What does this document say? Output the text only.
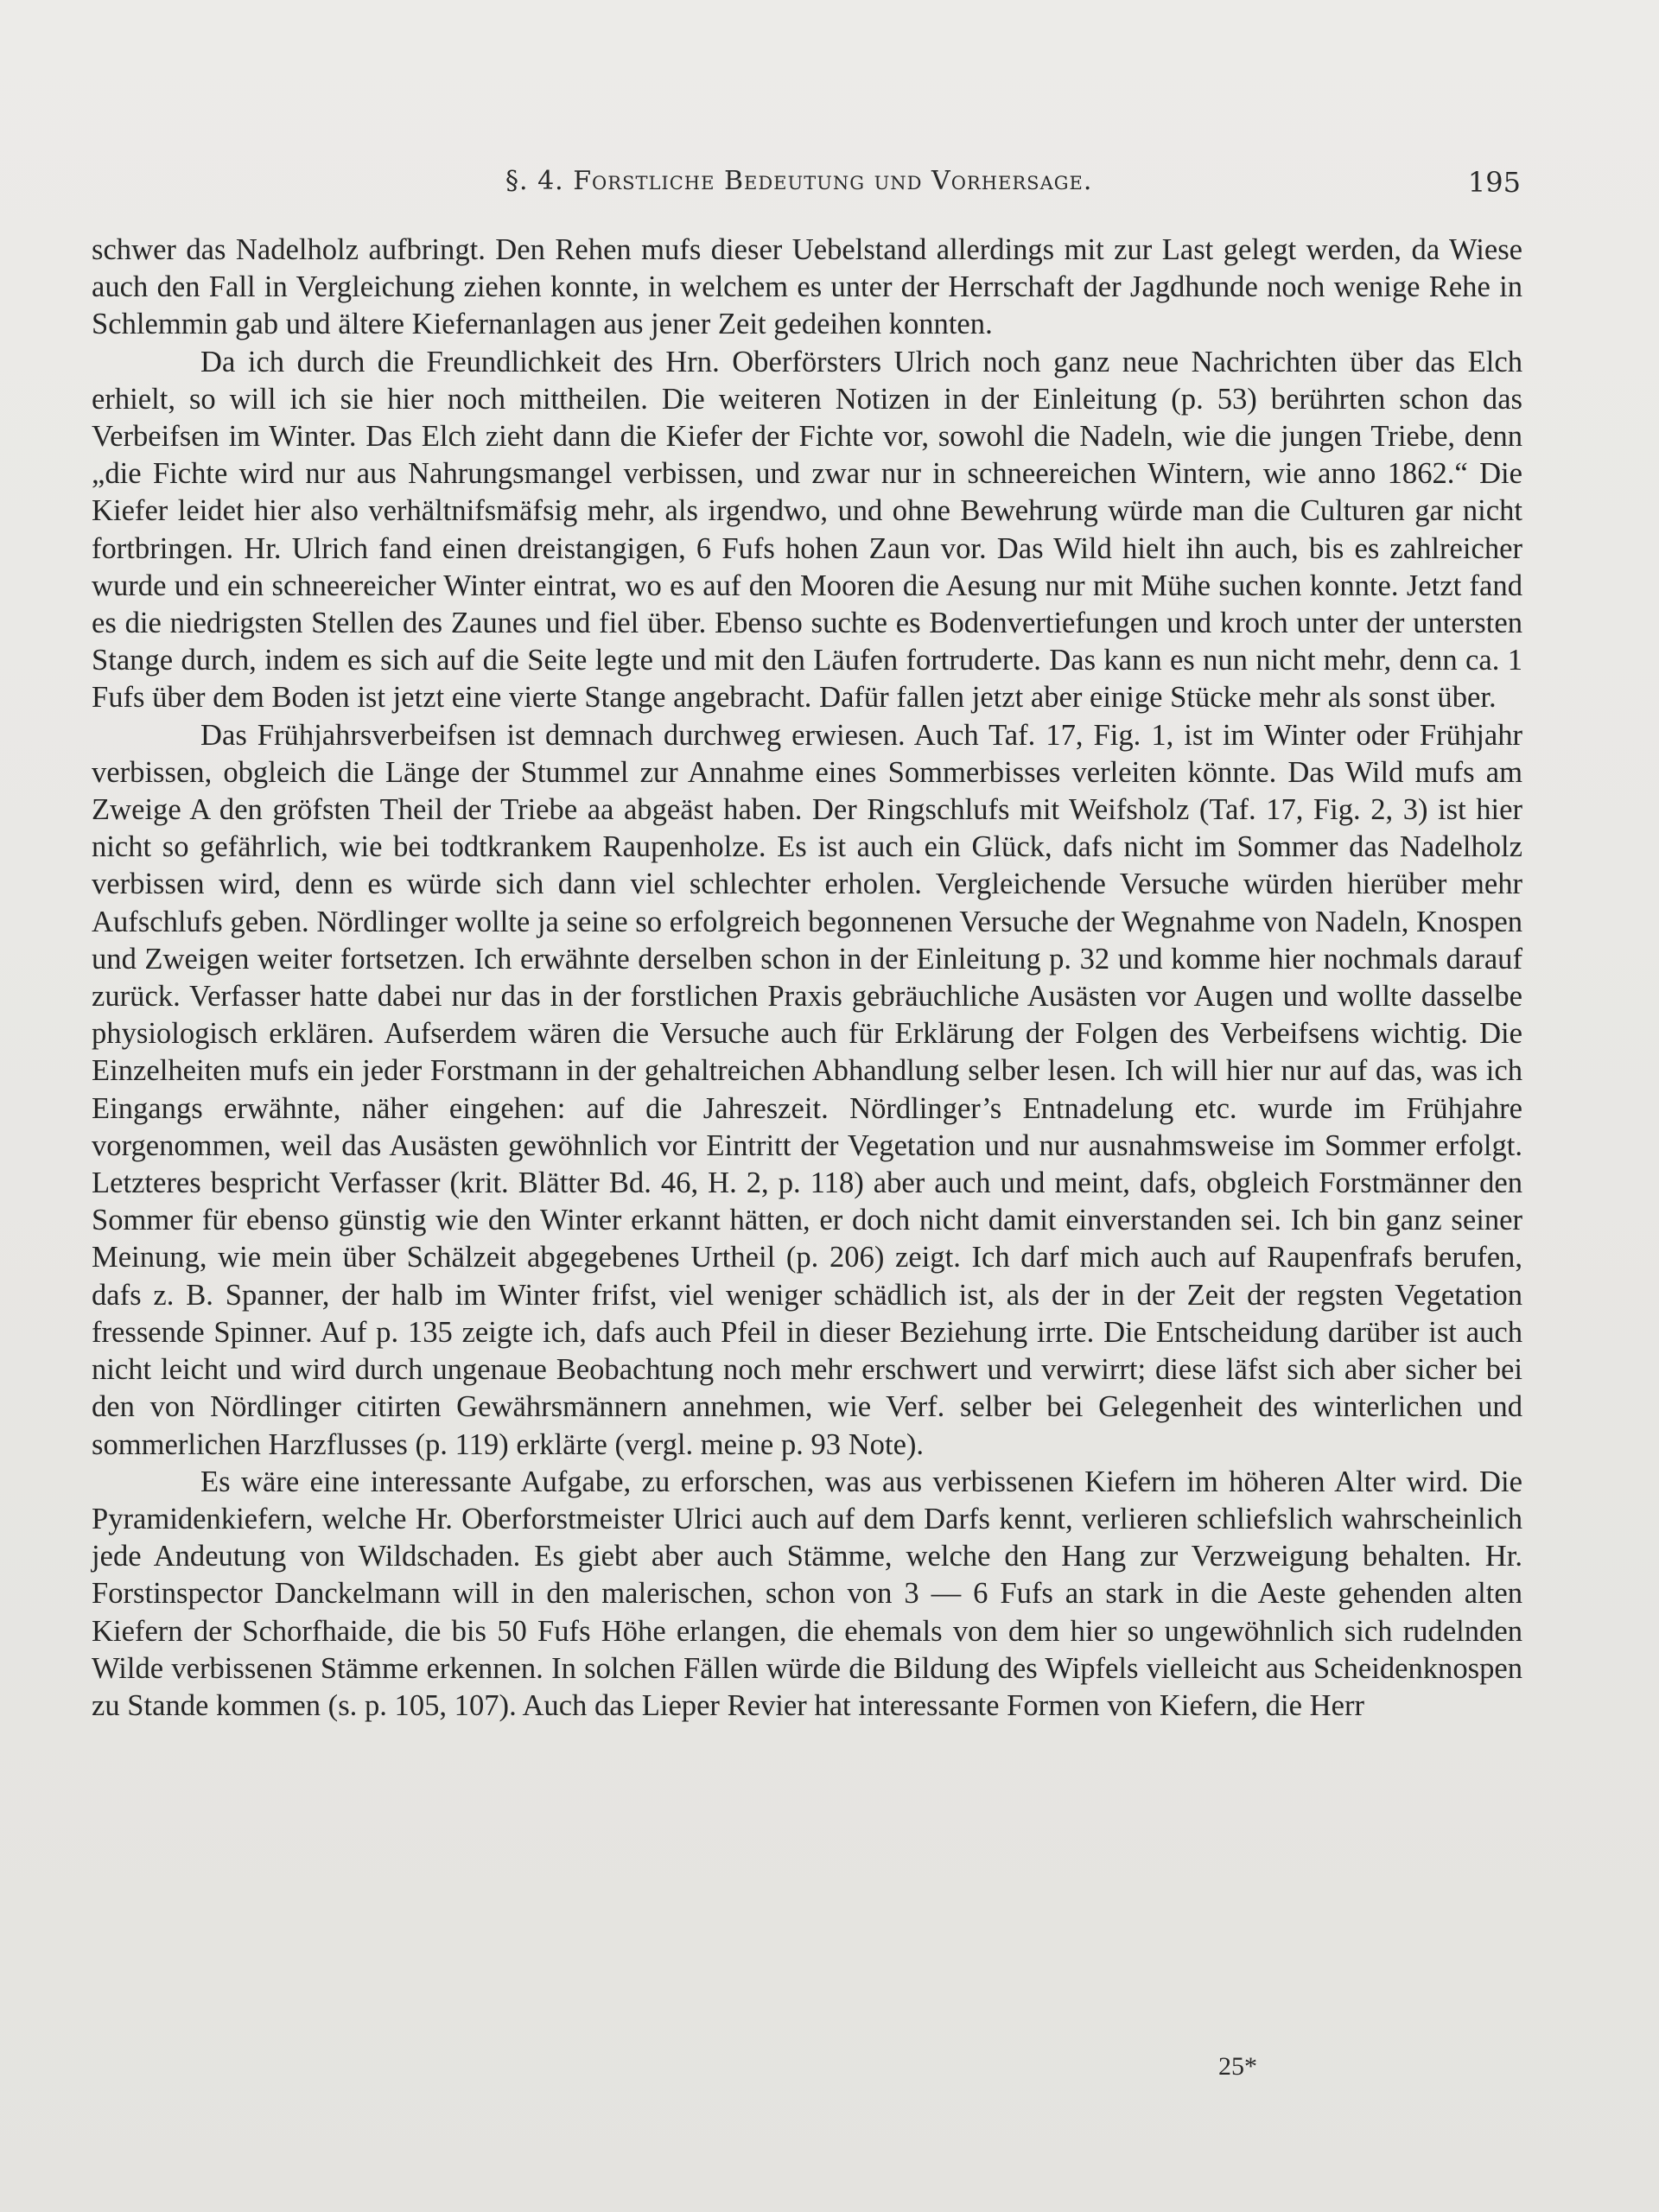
§. 4. Forstliche Bedeutung und Vorhersage.	195

schwer das Nadelholz aufbringt. Den Rehen mufs dieser Uebelstand allerdings mit zur Last gelegt werden, da Wiese auch den Fall in Vergleichung ziehen konnte, in welchem es unter der Herrschaft der Jagdhunde noch wenige Rehe in Schlemmin gab und ältere Kiefernanlagen aus jener Zeit gedeihen konnten.

Da ich durch die Freundlichkeit des Hrn. Oberförsters Ulrich noch ganz neue Nachrichten über das Elch erhielt, so will ich sie hier noch mittheilen. Die weiteren Notizen in der Einleitung (p. 53) berührten schon das Verbeifsen im Winter. Das Elch zieht dann die Kiefer der Fichte vor, sowohl die Nadeln, wie die jungen Triebe, denn „die Fichte wird nur aus Nahrungsmangel verbissen, und zwar nur in schneereichen Wintern, wie anno 1862.“ Die Kiefer leidet hier also verhältnifsmäfsig mehr, als irgendwo, und ohne Bewehrung würde man die Culturen gar nicht fortbringen. Hr. Ulrich fand einen dreistangigen, 6 Fufs hohen Zaun vor. Das Wild hielt ihn auch, bis es zahlreicher wurde und ein schneereicher Winter eintrat, wo es auf den Mooren die Aesung nur mit Mühe suchen konnte. Jetzt fand es die niedrigsten Stellen des Zaunes und fiel über. Ebenso suchte es Bodenvertiefungen und kroch unter der untersten Stange durch, indem es sich auf die Seite legte und mit den Läufen fortruderte. Das kann es nun nicht mehr, denn ca. 1 Fufs über dem Boden ist jetzt eine vierte Stange angebracht. Dafür fallen jetzt aber einige Stücke mehr als sonst über.

Das Frühjahrsverbeifsen ist demnach durchweg erwiesen. Auch Taf. 17, Fig. 1, ist im Winter oder Frühjahr verbissen, obgleich die Länge der Stummel zur Annahme eines Sommerbisses verleiten könnte. Das Wild mufs am Zweige A den gröfsten Theil der Triebe aa abgeäst haben. Der Ringschlufs mit Weifsholz (Taf. 17, Fig. 2, 3) ist hier nicht so gefährlich, wie bei todtkrankem Raupenholze. Es ist auch ein Glück, dafs nicht im Sommer das Nadelholz verbissen wird, denn es würde sich dann viel schlechter erholen. Vergleichende Versuche würden hierüber mehr Aufschlufs geben. Nördlinger wollte ja seine so erfolgreich begonnenen Versuche der Wegnahme von Nadeln, Knospen und Zweigen weiter fortsetzen. Ich erwähnte derselben schon in der Einleitung p. 32 und komme hier nochmals darauf zurück. Verfasser hatte dabei nur das in der forstlichen Praxis gebräuchliche Ausästen vor Augen und wollte dasselbe physiologisch erklären. Aufserdem wären die Versuche auch für Erklärung der Folgen des Verbeifsens wichtig. Die Einzelheiten mufs ein jeder Forstmann in der gehaltreichen Abhandlung selber lesen. Ich will hier nur auf das, was ich Eingangs erwähnte, näher eingehen: auf die Jahreszeit. Nördlinger’s Entnadelung etc. wurde im Frühjahre vorgenommen, weil das Ausästen gewöhnlich vor Eintritt der Vegetation und nur ausnahmsweise im Sommer erfolgt. Letzteres bespricht Verfasser (krit. Blätter Bd. 46, H. 2, p. 118) aber auch und meint, dafs, obgleich Forstmänner den Sommer für ebenso günstig wie den Winter erkannt hätten, er doch nicht damit einverstanden sei. Ich bin ganz seiner Meinung, wie mein über Schälzeit abgegebenes Urtheil (p. 206) zeigt. Ich darf mich auch auf Raupenfrafs berufen, dafs z. B. Spanner, der halb im Winter frifst, viel weniger schädlich ist, als der in der Zeit der regsten Vegetation fressende Spinner. Auf p. 135 zeigte ich, dafs auch Pfeil in dieser Beziehung irrte. Die Entscheidung darüber ist auch nicht leicht und wird durch ungenaue Beobachtung noch mehr erschwert und verwirrt; diese läfst sich aber sicher bei den von Nördlinger citirten Gewährsmännern annehmen, wie Verf. selber bei Gelegenheit des winterlichen und sommerlichen Harzflusses (p. 119) erklärte (vergl. meine p. 93 Note).

Es wäre eine interessante Aufgabe, zu erforschen, was aus verbissenen Kiefern im höheren Alter wird. Die Pyramidenkiefern, welche Hr. Oberforstmeister Ulrici auch auf dem Darfs kennt, verlieren schliefslich wahrscheinlich jede Andeutung von Wildschaden. Es giebt aber auch Stämme, welche den Hang zur Verzweigung behalten. Hr. Forstinspector Danckelmann will in den malerischen, schon von 3 — 6 Fufs an stark in die Aeste gehenden alten Kiefern der Schorfhaide, die bis 50 Fufs Höhe erlangen, die ehemals von dem hier so ungewöhnlich sich rudelnden Wilde verbissenen Stämme erkennen. In solchen Fällen würde die Bildung des Wipfels vielleicht aus Scheidenknospen zu Stande kommen (s. p. 105, 107). Auch das Lieper Revier hat interessante Formen von Kiefern, die Herr

25*
